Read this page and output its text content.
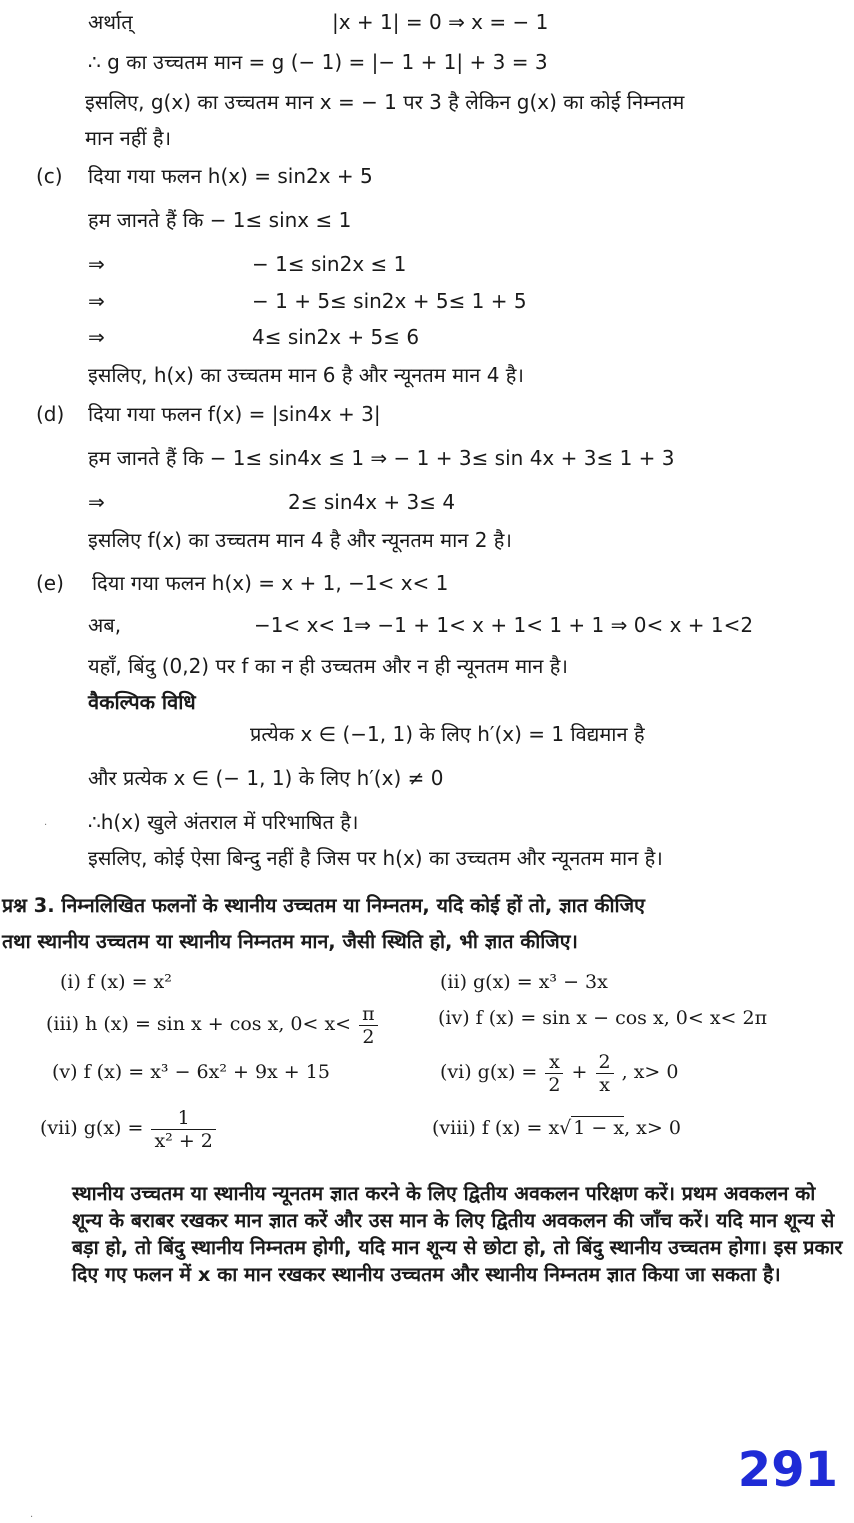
अर्थात्	|x + 1| = 0 ⇒ x = − 1
∴ g का उच्चतम मान = g (− 1) = |− 1 + 1| + 3 = 3
इसलिए, g(x) का उच्चतम मान x = − 1 पर 3 है लेकिन g(x) का कोई निम्नतम
मान नहीं है।
(c) दिया गया फलन h(x) = sin2x + 5
हम जानते हैं कि − 1≤ sinx ≤ 1
⇒	− 1≤ sin2x ≤ 1
⇒	− 1 + 5≤ sin2x + 5≤ 1 + 5
⇒	4≤ sin2x + 5≤ 6
इसलिए, h(x) का उच्चतम मान 6 है और न्यूनतम मान 4 है।
(d) दिया गया फलन f(x) = |sin4x + 3|
हम जानते हैं कि − 1≤ sin4x ≤ 1 ⇒ − 1 + 3≤ sin 4x + 3≤ 1 + 3
⇒	2≤ sin4x + 3≤ 4
इसलिए f(x) का उच्चतम मान 4 है और न्यूनतम मान 2 है।
(e) दिया गया फलन h(x) = x + 1, −1< x< 1
अब,	−1< x< 1⇒ −1 + 1< x + 1< 1 + 1 ⇒ 0< x + 1<2
यहाँ, बिंदु (0,2) पर f का न ही उच्चतम और न ही न्यूनतम मान है।
वैकल्पिक विधि
प्रत्येक x ∈ (−1, 1) के लिए h′(x) = 1 विद्यमान है
और प्रत्येक x ∈ (− 1, 1) के लिए h′(x) ≠ 0
∴h(x) खुले अंतराल में परिभाषित है।
इसलिए, कोई ऐसा बिन्दु नहीं है जिस पर h(x) का उच्चतम और न्यूनतम मान है।
प्रश्न 3. निम्नलिखित फलनों के स्थानीय उच्चतम या निम्नतम, यदि कोई हों तो, ज्ञात कीजिए
तथा स्थानीय उच्चतम या स्थानीय निम्नतम मान, जैसी स्थिति हो, भी ज्ञात कीजिए।
(i) f (x) = x²	(ii) g(x) = x³ − 3x
(iii) h (x) = sin x + cos x, $0< x< \frac{\pi}{2}$	(iv) f (x) = sin x − cos x, 0< x< 2π
(v) f (x) = x³ − 6x² + 9x + 15	(vi) $g(x) = \frac{x}{2} + \frac{2}{x}$ , x> 0
(vii) $g(x) = \frac{1}{\text{x² + 2}}$	(viii) f (x) = x√ 1 − x, x> 0
स्थानीय उच्चतम या स्थानीय न्यूनतम ज्ञात करने के लिए द्वितीय अवकलन परिक्षण करें। प्रथम अवकलन को शून्य के बराबर रखकर मान ज्ञात करें और उस मान के लिए द्वितीय अवकलन की जाँच करें। यदि मान शून्य से बड़ा हो, तो बिंदु स्थानीय निम्नतम होगी, यदि मान शून्य से छोटा हो, तो बिंदु स्थानीय उच्चतम होगा। इस प्रकार दिए गए फलन में x का मान रखकर स्थानीय उच्चतम और स्थानीय निम्नतम ज्ञात किया जा सकता है।
291
·
·
